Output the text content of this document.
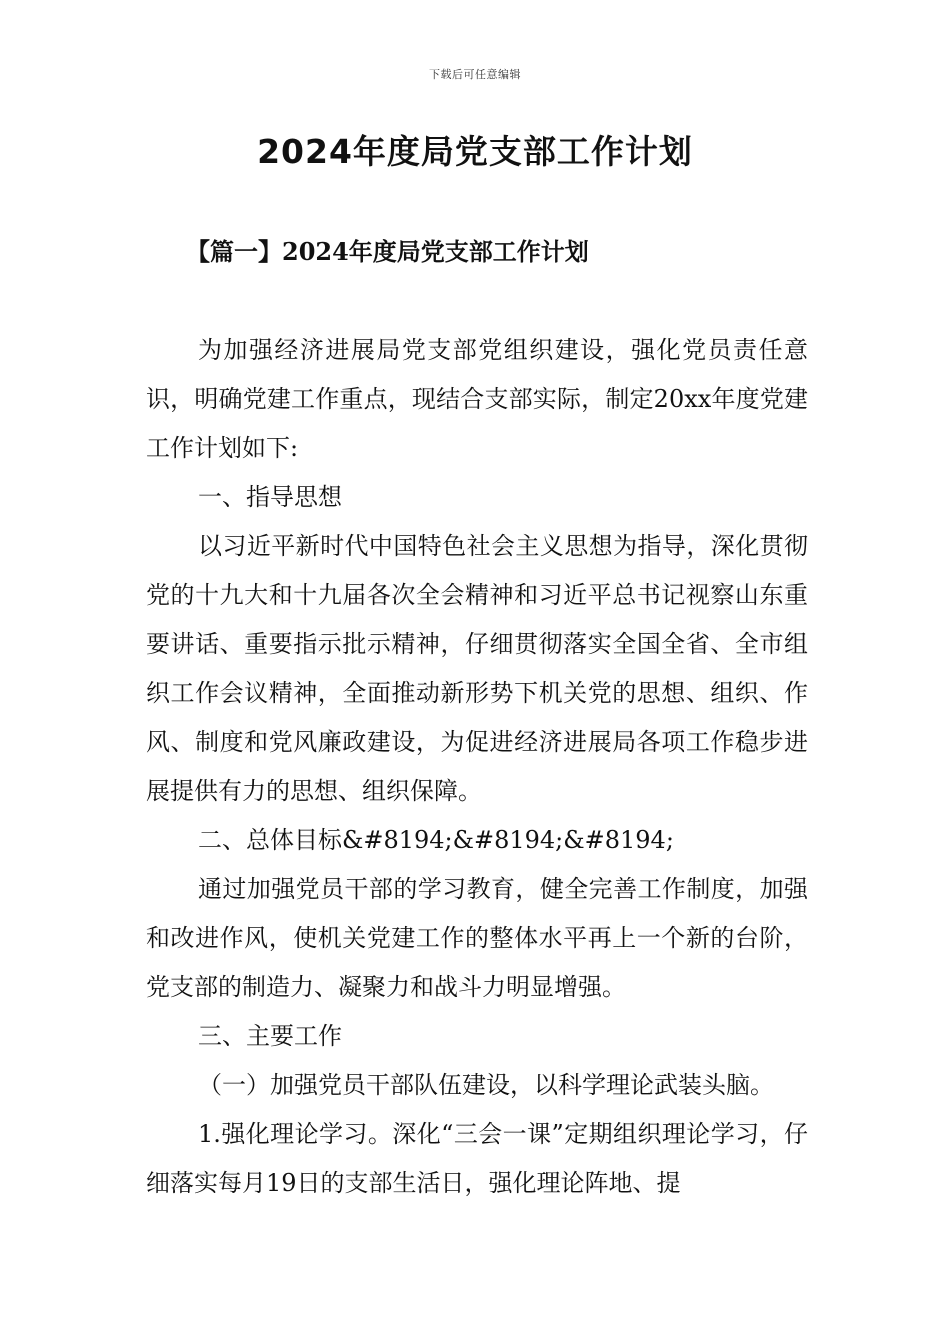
下载后可任意编辑
2024年度局党支部工作计划
【篇一】2024年度局党支部工作计划

为加强经济进展局党支部党组织建设，强化党员责任意识，明确党建工作重点，现结合支部实际，制定20xx年度党建工作计划如下:

一、指导思想

以习近平新时代中国特色社会主义思想为指导，深化贯彻党的十九大和十九届各次全会精神和习近平总书记视察山东重要讲话、重要指示批示精神，仔细贯彻落实全国全省、全市组织工作会议精神，全面推动新形势下机关党的思想、组织、作风、制度和党风廉政建设，为促进经济进展局各项工作稳步进展提供有力的思想、组织保障。

二、总体目标&#8194;&#8194;&#8194;

通过加强党员干部的学习教育，健全完善工作制度，加强和改进作风，使机关党建工作的整体水平再上一个新的台阶，党支部的制造力、凝聚力和战斗力明显增强。

三、主要工作

（一）加强党员干部队伍建设，以科学理论武装头脑。

1.强化理论学习。深化“三会一课”定期组织理论学习，仔细落实每月19日的支部生活日，强化理论阵地、提
